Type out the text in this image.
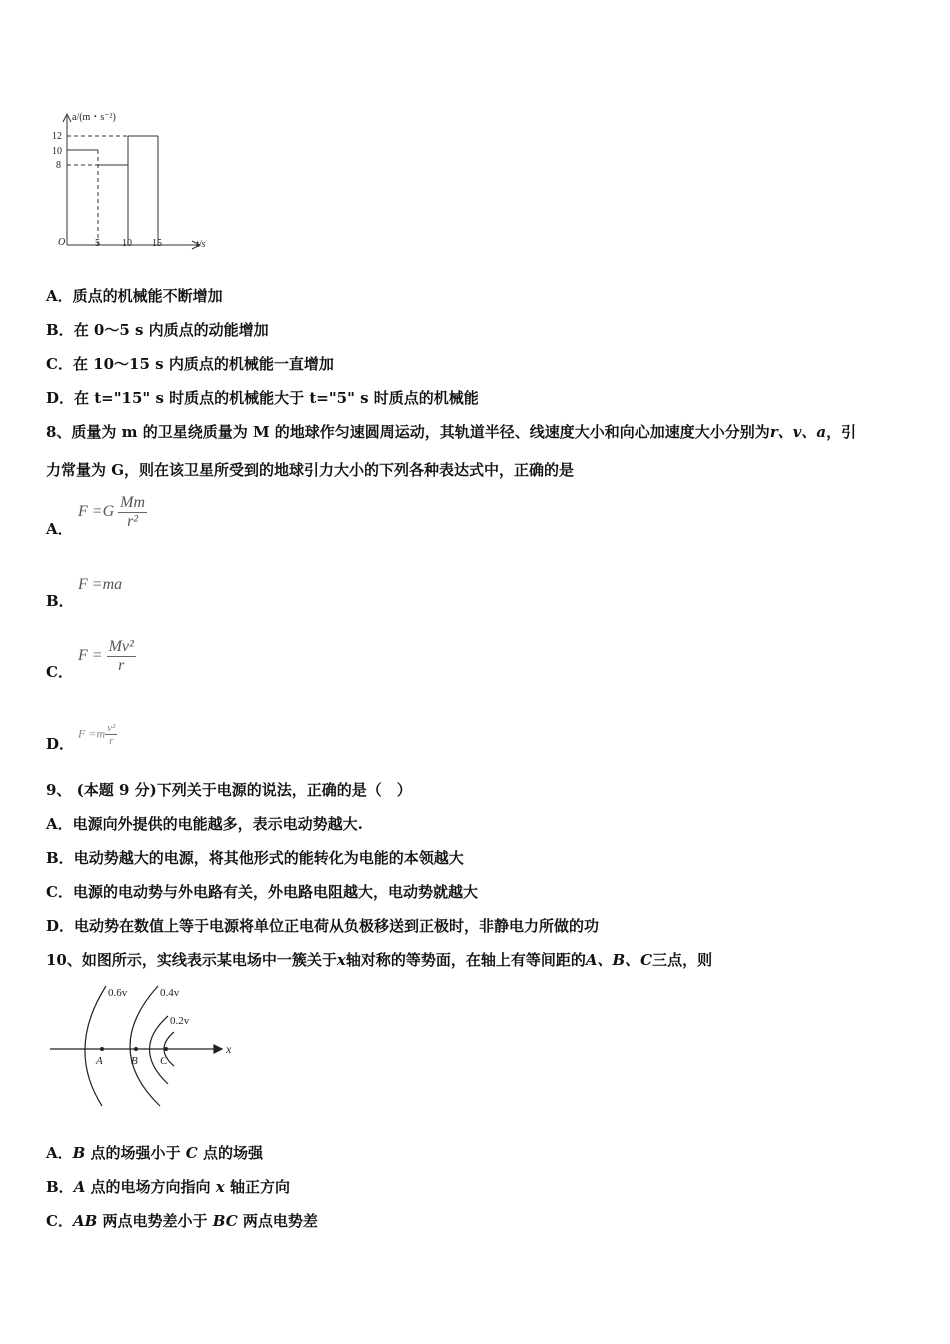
a/(m・s⁻²)
12
10
8
O	5 10 15	t/s
A．质点的机械能不断增加
B．在 0～5 s 内质点的动能增加
C．在 10～15 s 内质点的机械能一直增加
D．在 t="15" s 时质点的机械能大于 t="5" s 时质点的机械能
8、质量为 m 的卫星绕质量为 M 的地球作匀速圆周运动，其轨道半径、线速度大小和向心加速度大小分别为r、v、a，引
力常量为 G，则在该卫星所受到的地球引力大小的下列各种表达式中，正确的是
A．
$F =G \frac{Mm}{\text{r²}}$
B．
F =ma
C．
$F = \frac{\text{Mv²}}{r}$
D．
$F =m \frac{\text{v²}}{r}$
9、 (本题 9 分)下列关于电源的说法，正确的是（　）
A．电源向外提供的电能越多，表示电动势越大.
B．电动势越大的电源，将其他形式的能转化为电能的本领越大
C．电源的电动势与外电路有关，外电路电阻越大，电动势就越大
D．电动势在数值上等于电源将单位正电荷从负极移送到正极时，非静电力所做的功
10、如图所示，实线表示某电场中一簇关于x轴对称的等势面，在轴上有等间距的A、B、C三点，则
0.6v	0.4v
0.2v
A	B C
x
A．B 点的场强小于 C 点的场强
B．A 点的电场方向指向 x 轴正方向
C．AB 两点电势差小于 BC 两点电势差
